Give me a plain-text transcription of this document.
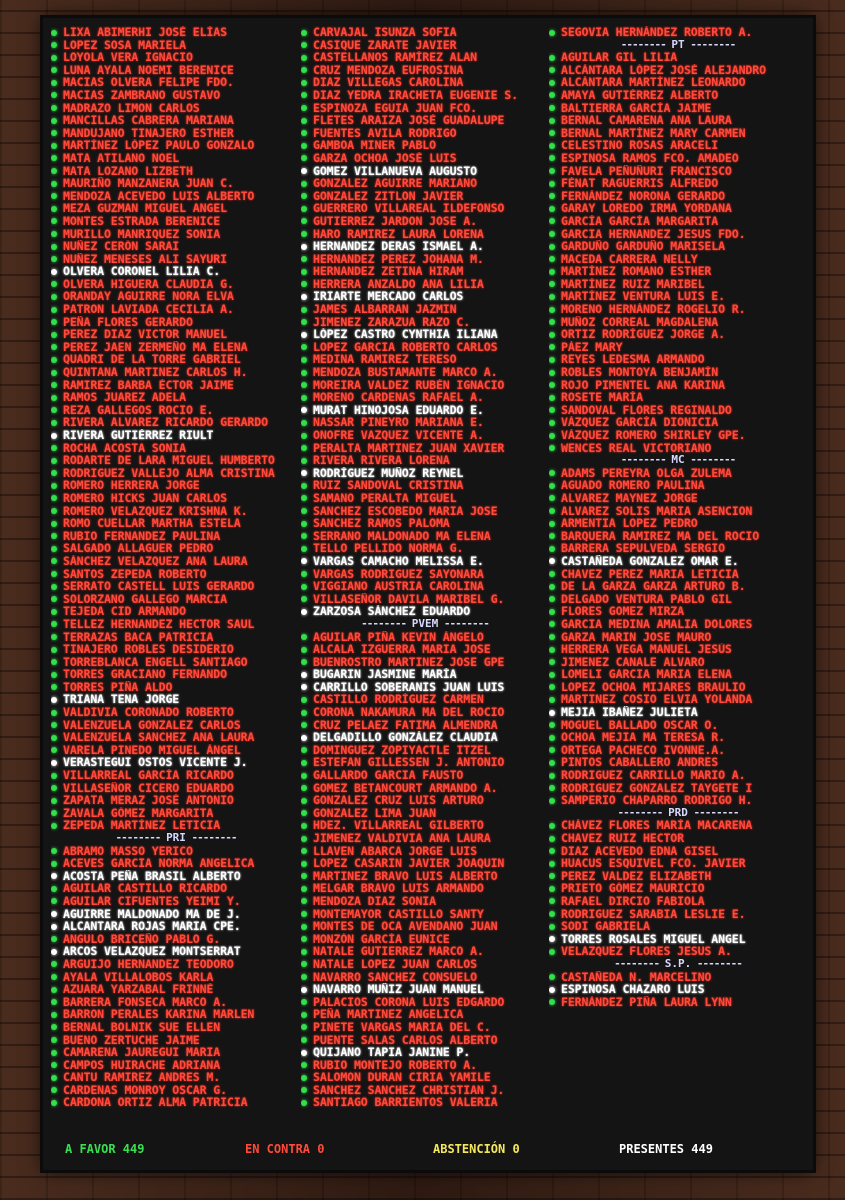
LIXA ABIMERHI JOSÉ ELÍAS
LOPEZ SOSA MARIELA
LOYOLA VERA IGNACIO
LUNA AYALA NOEMI BERENICE
MACIAS OLVERA FELIPE FDO.
MACIAS ZAMBRANO GUSTAVO
MADRAZO LIMON CARLOS
MANCILLAS CABRERA MARIANA
MANDUJANO TINAJERO ESTHER
MARTÍNEZ LÓPEZ PAULO GONZALO
MATA ATILANO NOEL
MATA LOZANO LIZBETH
MAURIÑO MANZANERA JUAN C.
MENDOZA ACEVEDO LUIS ALBERTO
MEZA GUZMAN MIGUEL ANGEL
MONTES ESTRADA BERENICE
MURILLO MANRIQUEZ SONIA
NUÑEZ CERÓN SARAI
NUÑEZ MENESES ALI SAYURI
OLVERA CORONEL LILIA C.
OLVERA HIGUERA CLAUDIA G.
ORANDAY AGUIRRE NORA ELVA
PATRON LAVIADA CECILIA A.
PEÑA FLORES GERARDO
PEREZ DIAZ VICTOR MANUEL
PEREZ JAEN ZERMEÑO MA ELENA
QUADRI DE LA TORRE GABRIEL
QUINTANA MARTINEZ CARLOS H.
RAMIREZ BARBA ÉCTOR JAIME
RAMOS JUAREZ ADELA
REZA GALLEGOS ROCIO E.
RIVERA ALVAREZ RICARDO GERARDO
RIVERA GUTIÉRREZ RIULT
ROCHA ACOSTA SONIA
RODARTE DE LARA MIGUEL HUMBERTO
RODRIGUEZ VALLEJO ALMA CRISTINA
ROMERO HERRERA JORGE
ROMERO HICKS JUAN CARLOS
ROMERO VELAZQUEZ KRISHNA K.
ROMO CUELLAR MARTHA ESTELA
RUBIO FERNANDEZ PAULINA
SALGADO ALLAGUER PEDRO
SÁNCHEZ VELAZQUEZ ANA LAURA
SANTOS ZEPEDA ROBERTO
SERRATO CASTELL LUIS GERARDO
SOLORZANO GALLEGO MARCIA
TEJEDA CID ARMANDO
TELLEZ HERNANDEZ HECTOR SAUL
TERRAZAS BACA PATRICIA
TINAJERO ROBLES DESIDERIO
TORREBLANCA ENGELL SANTIAGO
TORRES GRACIANO FERNANDO
TORRES PIÑA ALDO
TRIANA TENA JORGE
VALDIVIA CORONADO ROBERTO
VALENZUELA GONZALEZ CARLOS
VALENZUELA SANCHEZ ANA LAURA
VARELA PINEDO MIGUEL ÁNGEL
VERASTEGUI OSTOS VICENTE J.
VILLARREAL GARCÍA RICARDO
VILLASEÑOR CICERO EDUARDO
ZAPATA MERAZ JOSÉ ANTONIO
ZAVALA GÓMEZ MARGARITA
ZEPEDA MARTÍNEZ LETICIA
-------- PRI --------
ABRAMO MASSO YERICO
ACEVES GARCIA NORMA ANGELICA
ACOSTA PEÑA BRASIL ALBERTO
AGUILAR CASTILLO RICARDO
AGUILAR CIFUENTES YEIMI Y.
AGUIRRE MALDONADO MA DE J.
ALCANTARA ROJAS MARIA CPE.
ANGULO BRICEÑO PABLO G.
ARCOS VELAZQUEZ MONTSERRAT
ARGUIJO HERNANDEZ TEODORO
AYALA VILLALOBOS KARLA
AZUARA YARZABAL FRINNÉ
BARRERA FONSECA MARCO A.
BARRON PERALES KARINA MARLEN
BERNAL BOLNIK SUE ELLEN
BUENO ZERTUCHE JAIME
CAMARENA JAUREGUI MARIA
CAMPOS HUIRACHE ADRIANA
CANTU RAMIREZ ANDRES M.
CARDENAS MONROY OSCAR G.
CARDONA ORTIZ ALMA PATRICIA
CARVAJAL ISUNZA SOFIA
CASIQUE ZARATE JAVIER
CASTELLANOS RAMÍREZ ALAN
CRUZ MENDOZA EUFROSINA
DIAZ VILLEGAS CAROLINA
DIAZ YEDRA IRACHETA EUGENIE S.
ESPINOZA EGUIA JUAN FCO.
FLETES ARAIZA JOSÉ GUADALUPE
FUENTES AVILA RODRIGO
GAMBOA MINER PABLO
GARZA OCHOA JOSÉ LUIS
GOMEZ VILLANUEVA AUGUSTO
GONZALEZ AGUIRRE MARIANO
GONZALEZ ZITLON JAVIER
GUERRERO VILLAREAL ILDEFONSO
GUTIERREZ JARDON JOSE A.
HARO RAMIREZ LAURA LORENA
HERNANDEZ DERAS ISMAEL A.
HERNANDEZ PEREZ JOHANA M.
HERNANDEZ ZETINA HIRAM
HERRERA ANZALDO ANA LILIA
IRIARTE MERCADO CARLOS
JAMES ALBARRAN JAZMIN
JIMENEZ ZARAZUA RAZO C.
LÓPEZ CASTRO CYNTHIA ILIANA
LOPEZ GARCIA ROBERTO CARLOS
MEDINA RAMIREZ TERESO
MENDOZA BUSTAMANTE MARCO A.
MOREIRA VALDEZ RUBÉN IGNACIO
MORENO CARDENAS RAFAEL A.
MURAT HINOJOSA EDUARDO E.
NASSAR PINEYRO MARIANA E.
ONOFRE VAZQUEZ VICENTE A.
PERALTA MARTINEZ JUAN XAVIER
RIVERA RIVERA LORENA
RODRÍGUEZ MUÑOZ REYNEL
RUIZ SANDOVAL CRISTINA
SAMANO PERALTA MIGUEL
SANCHEZ ESCOBEDO MARIA JOSE
SANCHEZ RAMOS PALOMA
SERRANO MALDONADO MA ELENA
TELLO PELLIDO NORMA G.
VARGAS CAMACHO MELISSA E.
VARGAS RODRIGUEZ SAYONARA
VIGGIANO AUSTRIA CAROLINA
VILLASEÑOR DAVILA MARIBEL G.
ZARZOSA SÁNCHEZ EDUARDO
-------- PVEM --------
AGUILAR PIÑA KEVIN ÁNGELO
ALCALA IZGUERRA MARIA JOSE
BUENROSTRO MARTINEZ JOSE GPE
BUGARIN JASMINE MARÍA
CARRILLO SOBERANIS JUAN LUIS
CASTILLO RODRÍGUEZ CARMEN
CORONA NAKAMURA MA DEL ROCIO
CRUZ PELAEZ FATIMA ALMENDRA
DELGADILLO GONZÁLEZ CLAUDIA
DOMINGUEZ ZOPIYACTLE ITZEL
ESTEFAN GILLESSEN J. ANTONIO
GALLARDO GARCIA FAUSTO
GOMEZ BETANCOURT ARMANDO A.
GONZALEZ CRUZ LUIS ARTURO
GONZALEZ LIMA JUAN
HDEZ. VILLARREAL GILBERTO
JIMENEZ VALDIVIA ANA LAURA
LLAVEN ABARCA JORGE LUIS
LOPEZ CASARIN JAVIER JOAQUIN
MARTINEZ BRAVO LUIS ALBERTO
MELGAR BRAVO LUIS ARMANDO
MENDOZA DIAZ SONIA
MONTEMAYOR CASTILLO SANTY
MONTES DE OCA AVENDANO JUAN
MONZÓN GARCÍA EUNICE
NATALE GUTIERREZ MARCO A.
NATALE LOPEZ JUAN CARLOS
NAVARRO SANCHEZ CONSUELO
NAVARRO MUÑIZ JUAN MANUEL
PALACIOS CORONA LUIS EDGARDO
PEÑA MARTINEZ ANGELICA
PINETE VARGAS MARIA DEL C.
PUENTE SALAS CARLOS ALBERTO
QUIJANO TAPIA JANINE P.
RUBIO MONTEJO ROBERTO A.
SALOMON DURAN CIRIA YAMILE
SANCHEZ SANCHEZ CHRISTIAN J.
SANTIAGO BARRIENTOS VALERIA
SEGOVIA HERNÁNDEZ ROBERTO A.
-------- PT --------
AGUILAR GIL LILIA
ALCÁNTARA LÓPEZ JOSÉ ALEJANDRO
ALCÁNTARA MARTÍNEZ LEONARDO
AMAYA GUTIÉRREZ ALBERTO
BALTIERRA GARCÍA JAIME
BERNAL CAMARENA ANA LAURA
BERNAL MARTÍNEZ MARY CARMEN
CELESTINO ROSAS ARACELI
ESPINOSA RAMOS FCO. AMADEO
FAVELA PEÑUÑURI FRANCISCO
FÉNAT RAGUERRIS ALFREDO
FERNÁNDEZ NORONA GERARDO
GARAY LOREDO IRMA YORDANA
GARCÍA GARCÍA MARGARITA
GARCIA HERNANDEZ JESUS FDO.
GARDUÑO GARDUÑO MARISELA
MACEDA CARRERA NELLY
MARTÍNEZ ROMANO ESTHER
MARTÍNEZ RUIZ MARIBEL
MARTÍNEZ VENTURA LUIS E.
MORENO HERNÁNDEZ ROGELIO R.
MUÑOZ CORREAL MAGDALENA
ORTIZ RODRÍGUEZ JORGE A.
PÁEZ MARY
REYES LEDESMA ARMANDO
ROBLES MONTOYA BENJAMÍN
ROJO PIMENTEL ANA KARINA
ROSETE MARÍA
SANDOVAL FLORES REGINALDO
VÁZQUEZ GARCÍA DIONICIA
VÁZQUEZ ROMERO SHIRLEY GPE.
WENCES REAL VICTORIANO
-------- MC --------
ADAMS PEREYRA OLGA ZULEMA
AGUADO ROMERO PAULINA
ALVAREZ MAYNEZ JORGE
ALVAREZ SOLIS MARIA ASENCION
ARMENTIA LOPEZ PEDRO
BARQUERA RAMIREZ MA DEL ROCIO
BARRERA SEPULVEDA SERGIO
CASTAÑEDA GONZALEZ OMAR E.
CHAVEZ PEREZ MARIA LETICIA
DE LA GARZA GARZA ARTURO B.
DELGADO VENTURA PABLO GIL
FLORES GOMEZ MIRZA
GARCIA MEDINA AMALIA DOLORES
GARZA MARIN JOSE MAURO
HERRERA VEGA MANUEL JESÚS
JIMENEZ CANALE ALVARO
LOMELI GARCIA MARIA ELENA
LOPEZ OCHOA MIJARES BRAULIO
MARTINEZ COSIO ELVIA YOLANDA
MEJIA IBAÑEZ JULIETA
MOGUEL BALLADO OSCAR O.
OCHOA MEJIA MA TERESA R.
ORTEGA PACHECO IVONNE.A.
PINTOS CABALLERO ANDRES
RODRIGUEZ CARRILLO MARIO A.
RODRIGUEZ GONZALEZ TAYGETE I
SAMPERIO CHAPARRO RODRIGO H.
-------- PRD --------
CHÁVEZ FLORES MARÍA MACARENA
CHAVEZ RUIZ HECTOR
DIAZ ACEVEDO EDNA GISEL
HUACUS ESQUIVEL FCO. JAVIER
PEREZ VALDEZ ELIZABETH
PRIETO GÓMEZ MAURICIO
RAFAEL DIRCIO FABIOLA
RODRIGUEZ SARABIA LESLIE E.
SODI GABRIELA
TORRES ROSALES MIGUEL ANGEL
VELAZQUEZ FLORES JESUS A.
-------- S.P. --------
CASTAÑEDA N. MARCELINO
ESPINOSA CHAZARO LUIS
FERNÁNDEZ PIÑA LAURA LYNN
A FAVOR 449	EN CONTRA 0	ABSTENCIÓN 0	PRESENTES 449
